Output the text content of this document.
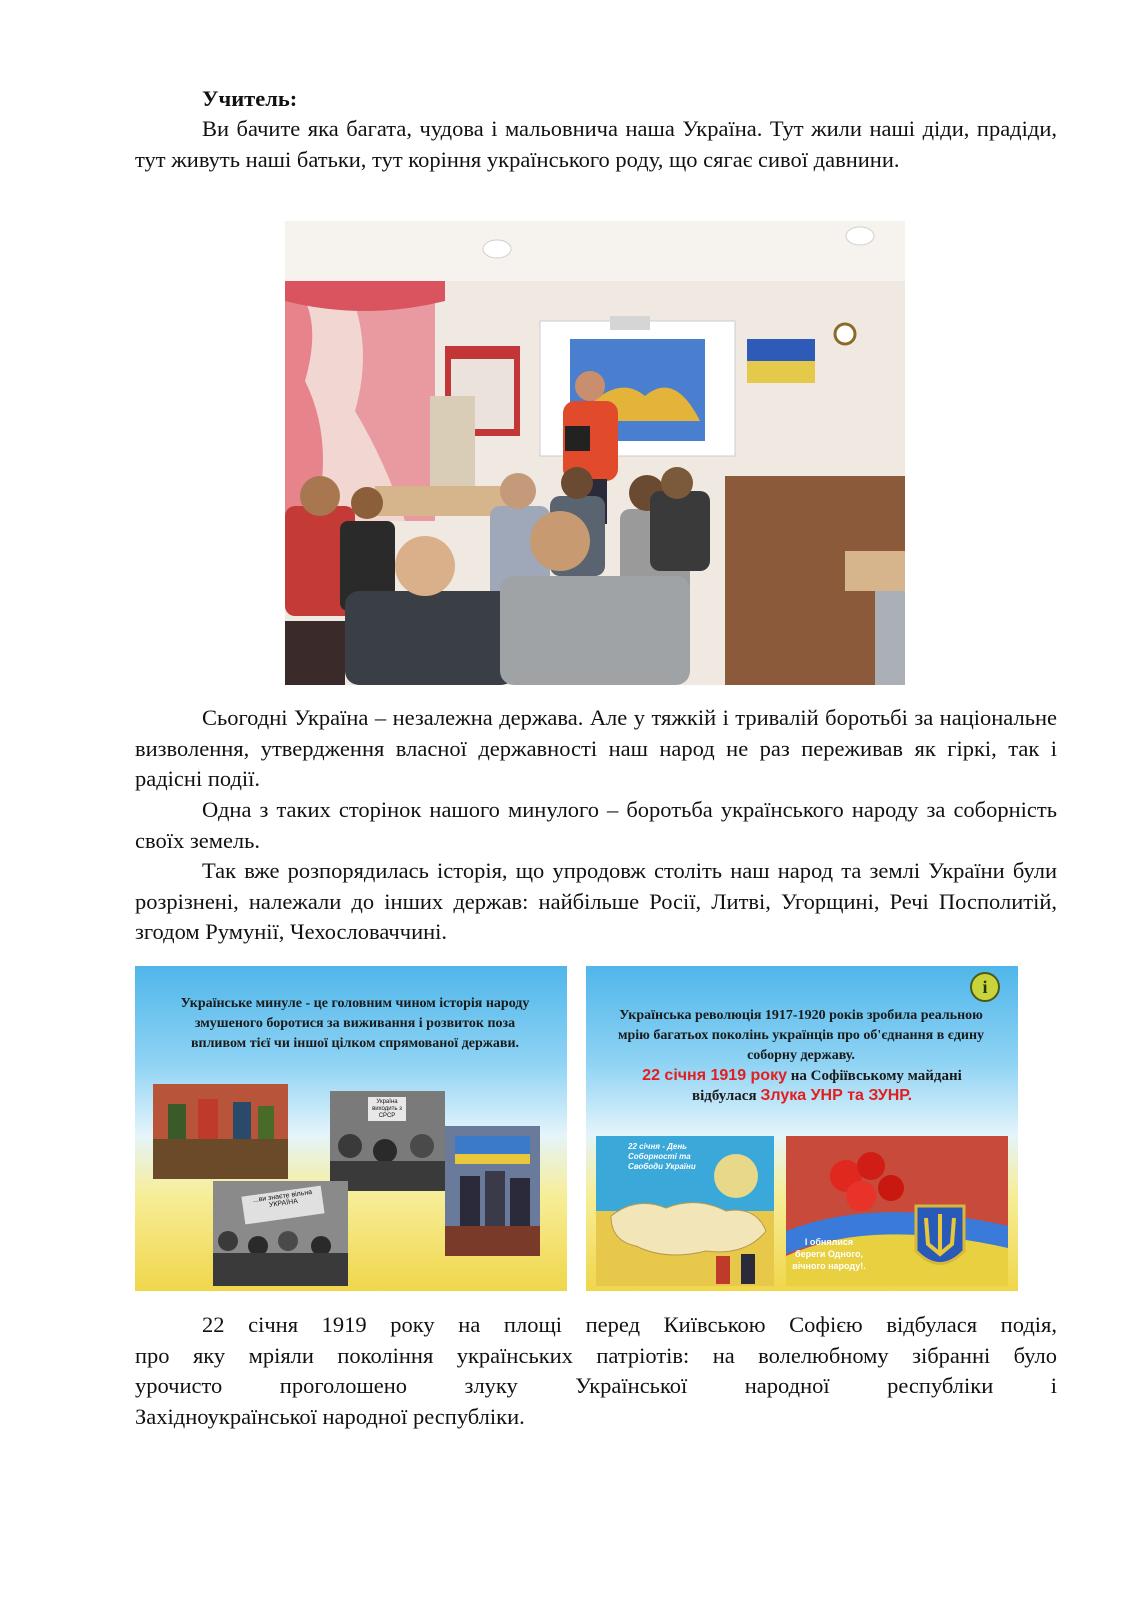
Учитель:
Ви бачите яка багата, чудова і мальовнича наша Україна. Тут жили наші діди, прадіди, тут живуть наші батьки, тут коріння українського роду, що сягає сивої давнини.
Сьогодні Україна – незалежна держава. Але у тяжкій і тривалій боротьбі за національне визволення, утвердження власної державності наш народ не раз переживав як гіркі, так і радісні події.
Одна з таких сторінок нашого минулого – боротьба українського народу за соборність своїх земель.
Так вже розпорядилась історія, що упродовж століть наш народ та землі України були розрізнені, належали до інших держав: найбільше Росії, Литві, Угорщині, Речі Посполитій, згодом Румунії, Чехословаччині.
Українське минуле - це головним чином історія народу змушеного боротися за виживання і розвиток поза впливом тієї чи іншої цілком спрямованої держави.
Україна виходить з СРСР
...ви знаєте вільна УКРАЇНА
i
Українська революція 1917-1920 років зробила реальною мрію багатьох поколінь українців про об'єднання в єдину соборну державу.
22 січня 1919 року на Софіївському майдані відбулася Злука УНР та ЗУНР.
22 січня - День Соборності та Свободи України
І обнялися береги Одного, вічного народу!.
22 січня 1919 року на площі перед Київською Софією відбулася подія,
про яку мріяли покоління українських патріотів: на волелюбному зібранні було
урочисто проголошено злуку Української народної республіки і
Західноукраїнської народної республіки.
